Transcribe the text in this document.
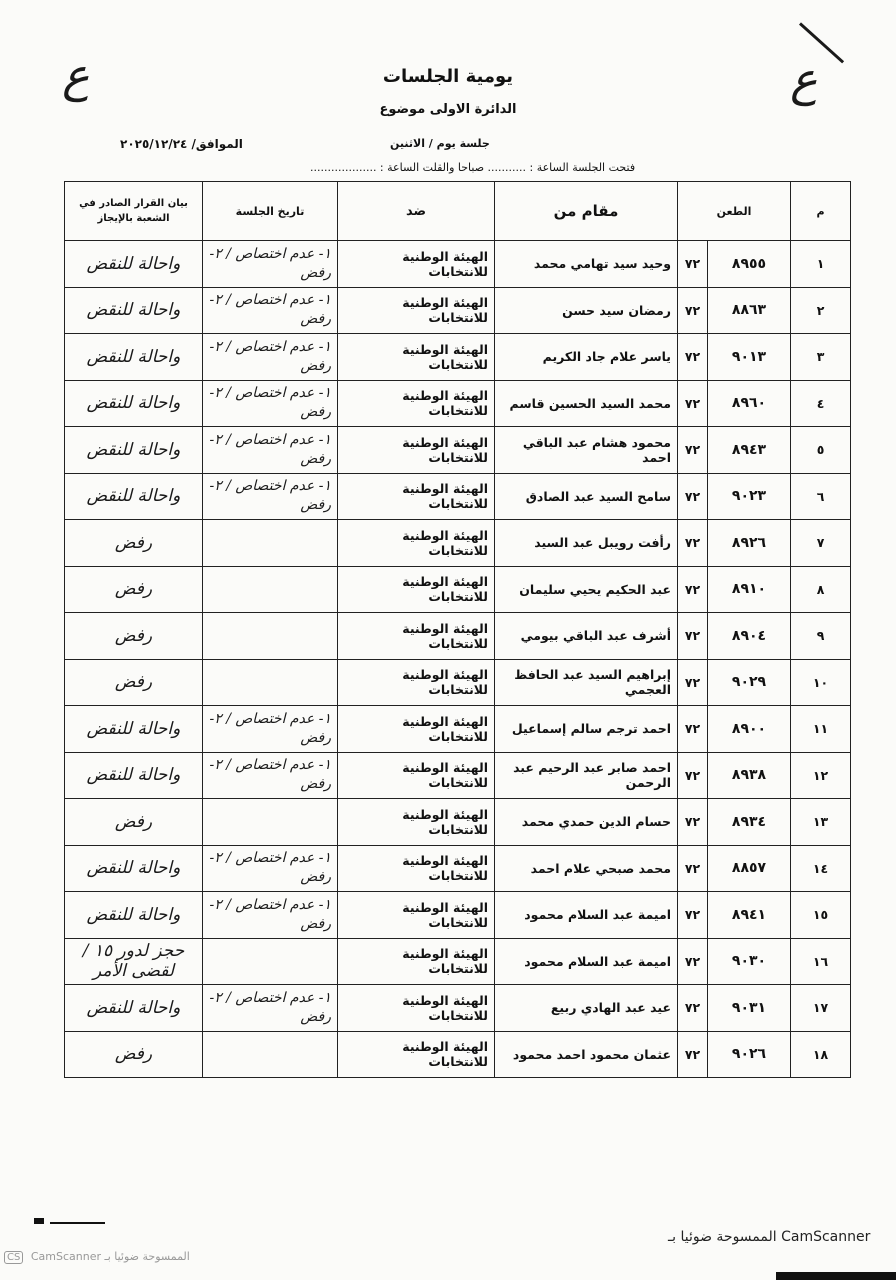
ع	ع
يومية الجلسات
الدائرة الاولى موضوع
جلسة يوم / الاثنين
الموافق/ ٢٠٢٥/١٢/٢٤
فتحت الجلسة الساعة : ........... صباحا والقلت الساعة : ...................
م	الطعن		مقام من	ضد	تاريخ الجلسة	بيان القرار الصادر في الشعبة بالإيجاز
١	٨٩٥٥	٧٢	وحيد سيد تهامي محمد	الهيئة الوطنية للانتخابات	١- عدم اختصاص / ٢- رفض	واحالة للنقض
٢	٨٨٦٣	٧٢	رمضان سيد حسن	الهيئة الوطنية للانتخابات	١- عدم اختصاص / ٢- رفض	واحالة للنقض
٣	٩٠١٣	٧٢	ياسر علام جاد الكريم	الهيئة الوطنية للانتخابات	١- عدم اختصاص / ٢- رفض	واحالة للنقض
٤	٨٩٦٠	٧٢	محمد السيد الحسين قاسم	الهيئة الوطنية للانتخابات	١- عدم اختصاص / ٢- رفض	واحالة للنقض
٥	٨٩٤٣	٧٢	محمود هشام عبد الباقي احمد	الهيئة الوطنية للانتخابات	١- عدم اختصاص / ٢- رفض	واحالة للنقض
٦	٩٠٢٣	٧٢	سامح السيد عبد الصادق	الهيئة الوطنية للانتخابات	١- عدم اختصاص / ٢- رفض	واحالة للنقض
٧	٨٩٢٦	٧٢	رأفت رويبل عبد السيد	الهيئة الوطنية للانتخابات		رفض
٨	٨٩١٠	٧٢	عبد الحكيم يحيي سليمان	الهيئة الوطنية للانتخابات		رفض
٩	٨٩٠٤	٧٢	أشرف عبد الباقي بيومي	الهيئة الوطنية للانتخابات		رفض
١٠	٩٠٢٩	٧٢	إبراهيم السيد عبد الحافظ العجمي	الهيئة الوطنية للانتخابات		رفض
١١	٨٩٠٠	٧٢	احمد ترجم سالم إسماعيل	الهيئة الوطنية للانتخابات	١- عدم اختصاص / ٢- رفض	واحالة للنقض
١٢	٨٩٣٨	٧٢	احمد صابر عبد الرحيم عبد الرحمن	الهيئة الوطنية للانتخابات	١- عدم اختصاص / ٢- رفض	واحالة للنقض
١٣	٨٩٣٤	٧٢	حسام الدين حمدي محمد	الهيئة الوطنية للانتخابات		رفض
١٤	٨٨٥٧	٧٢	محمد صبحي علام احمد	الهيئة الوطنية للانتخابات	١- عدم اختصاص / ٢- رفض	واحالة للنقض
١٥	٨٩٤١	٧٢	اميمة عبد السلام محمود	الهيئة الوطنية للانتخابات	١- عدم اختصاص / ٢- رفض	واحالة للنقض
١٦	٩٠٣٠	٧٢	اميمة عبد السلام محمود	الهيئة الوطنية للانتخابات		حجز لدور ١٥ / لقضى الأمر
١٧	٩٠٣١	٧٢	عيد عبد الهادي ربيع	الهيئة الوطنية للانتخابات	١- عدم اختصاص / ٢- رفض	واحالة للنقض
١٨	٩٠٢٦	٧٢	عثمان محمود احمد محمود	الهيئة الوطنية للانتخابات		رفض
الممسوحة ضوئيا بـ CamScanner
CS CamScanner الممسوحة ضوئيا بـ
